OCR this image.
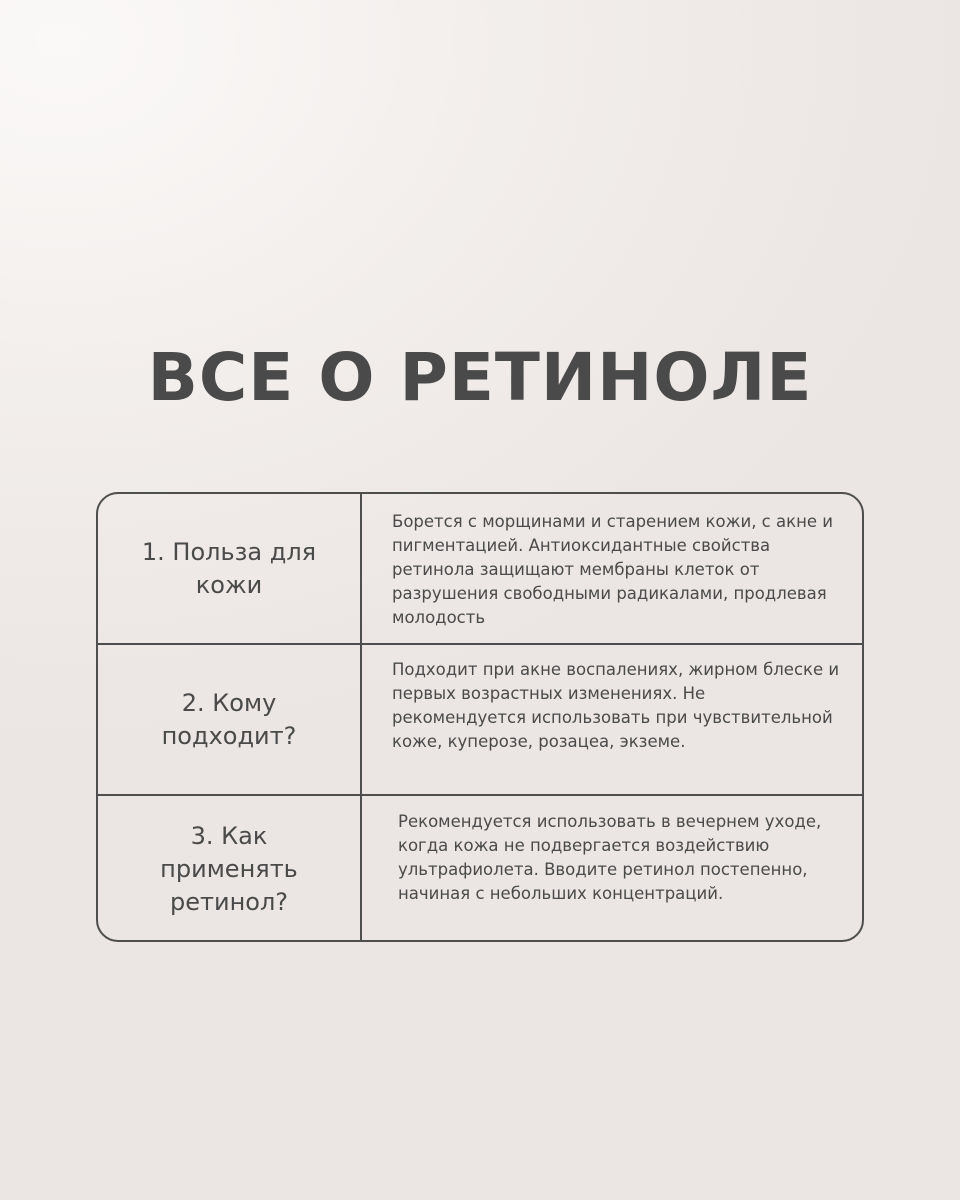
ВСЕ О РЕТИНОЛЕ
1. Польза для кожи
Борется с морщинами и старением кожи, с акне и пигментацией. Антиоксидантные свойства ретинола защищают мембраны клеток от разрушения свободными радикалами, продлевая молодость
2. Кому подходит?
Подходит при акне воспалениях, жирном блеске и первых возрастных изменениях. Не рекомендуется использовать при чувствительной коже, куперозе, розацеа, экземе.
3. Как применять ретинол?
Рекомендуется использовать в вечернем уходе, когда кожа не подвергается воздействию ультрафиолета. Вводите ретинол постепенно, начиная с небольших концентраций.
